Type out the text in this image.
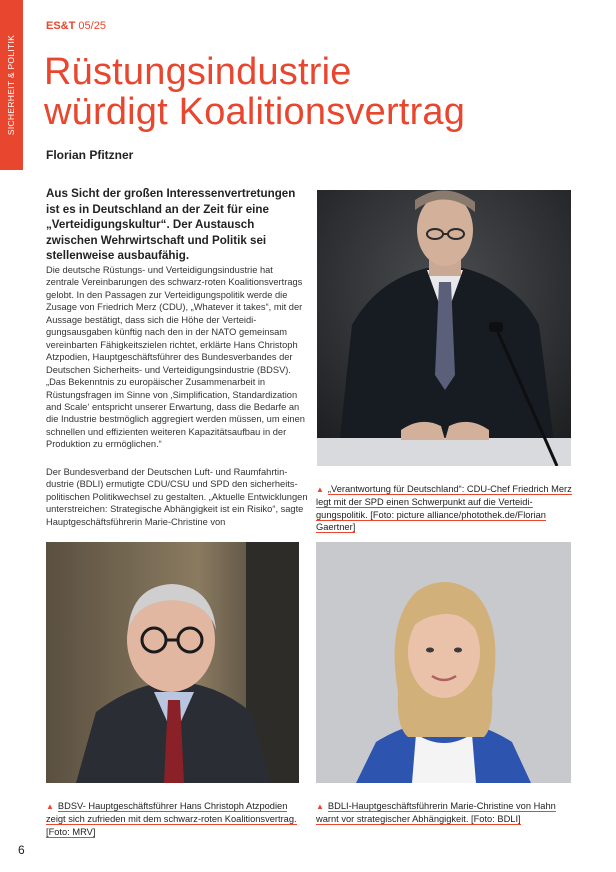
SICHERHEIT & POLITIK
ES&T 05/25
Rüstungsindustrie
würdigt Koalitionsvertrag
Florian Pfitzner

Aus Sicht der großen Interessenvertretungen ist es in Deutschland an der Zeit für eine „Verteidigungskultur“. Der Austausch zwischen Wehrwirtschaft und Politik sei stellenweise ausbaufähig.

Die deutsche Rüstungs- und Verteidigungsindustrie hat zentrale Vereinbarungen des schwarz-roten Koalitionsvertrags gelobt. In den Passagen zur Verteidigungspolitik werde die Zusage von Friedrich Merz (CDU), „Whatever it takes“, mit der Aussage bestätigt, dass sich die Höhe der Verteidigungsausgaben künftig nach den in der NATO gemeinsam vereinbarten Fähigkeitszielen richtet, erklärte Hans Christoph Atzpodien, Hauptgeschäftsführer des Bundesverbandes der Deutschen Sicherheits- und Verteidigungsindustrie (BDSV). „Das Bekenntnis zu europäischer Zusammenarbeit in Rüstungsfragen im Sinne von ‚Simplification, Standardization and Scale‘ entspricht unserer Erwartung, dass die Bedarfe an die Industrie bestmöglich aggregiert werden müssen, um einen schnellen und effizienten weiteren Kapazitätsaufbau in der Produktion zu ermöglichen.“

Der Bundesverband der Deutschen Luft- und Raumfahrtindustrie (BDLI) ermutigte CDU/CSU und SPD den sicherheitspolitischen Politikwechsel zu gestalten. „Aktuelle Entwicklungen unterstreichen: Strategische Abhängigkeit ist ein Risiko“, sagte Hauptgeschäftsführerin Marie-Christine von

▲ „Verantwortung für Deutschland“: CDU-Chef Friedrich Merz legt mit der SPD einen Schwerpunkt auf die Verteidigungspolitik. [Foto: picture alliance/photothek.de/Florian Gaertner]

▲ BDSV- Hauptgeschäftsführer Hans Christoph Atzpodien zeigt sich zufrieden mit dem schwarz-roten Koalitionsvertrag. [Foto: MRV]

▲ BDLI-Hauptgeschäftsführerin Marie-Christine von Hahn warnt vor strategischer Abhängigkeit. [Foto: BDLI]

6
